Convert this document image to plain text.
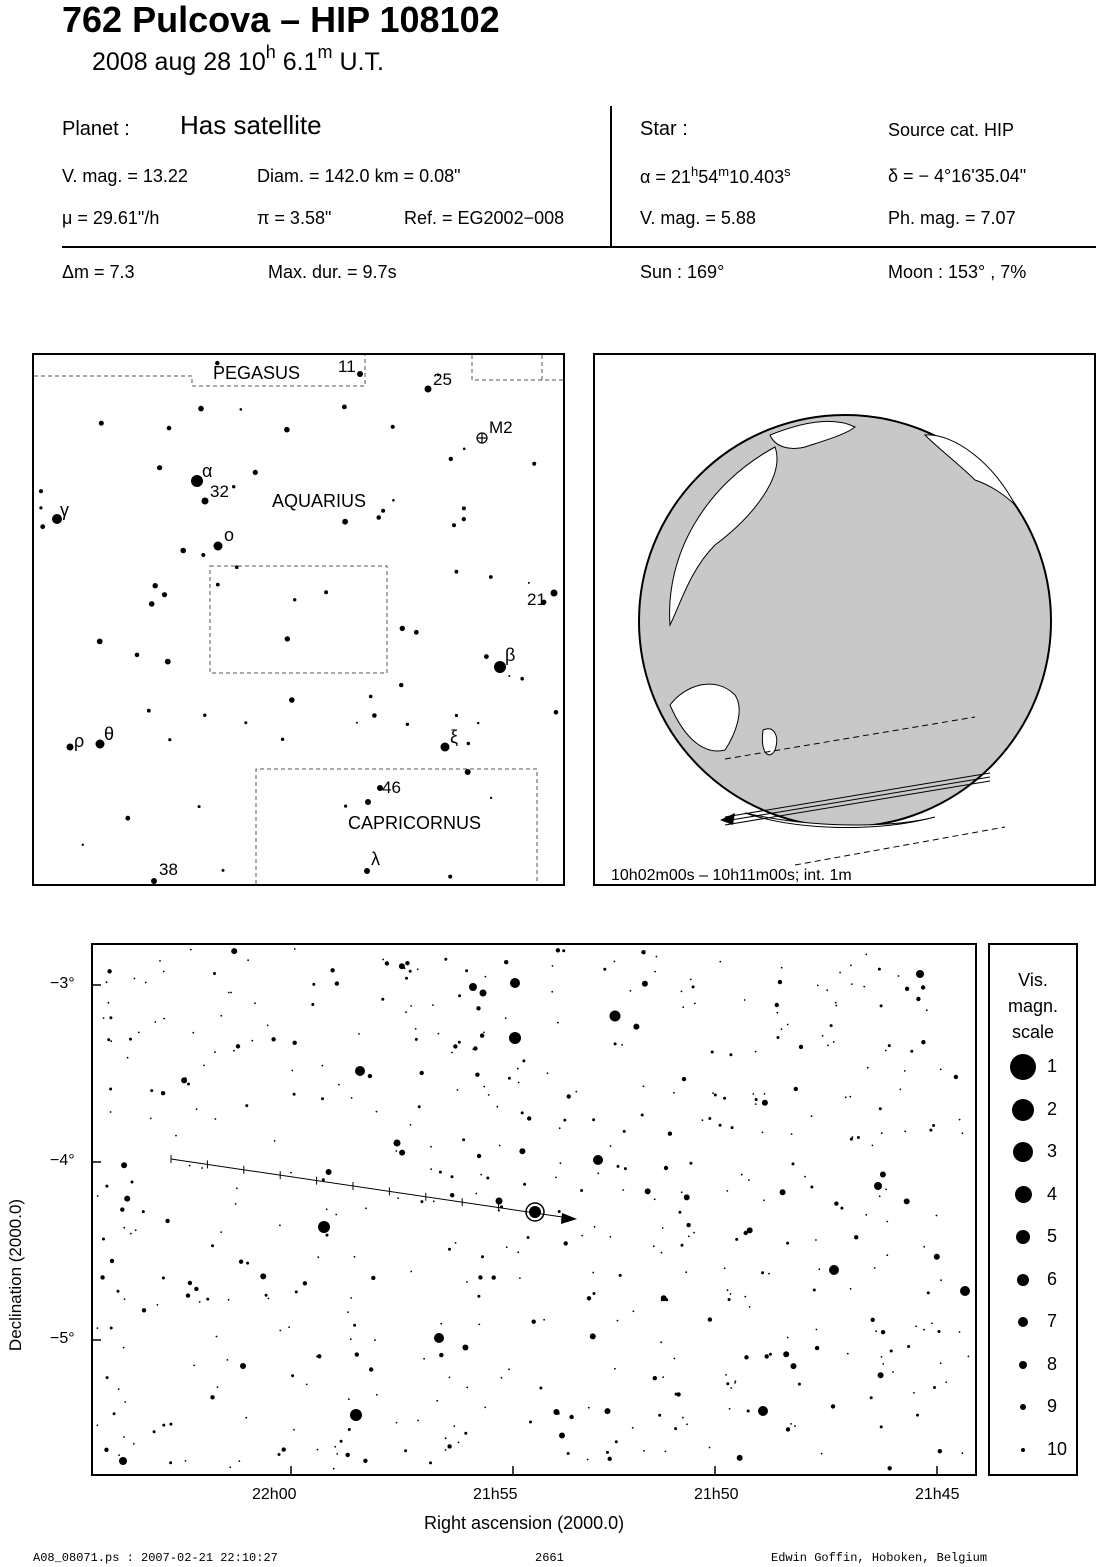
762 Pulcova – HIP 108102
2008 aug 28 10$^h$ 6.1$^m$ U.T.
Planet : Has satellite
V. mag. = 13.22	Diam. = 142.0 km = 0.08"
μ = 29.61"/h	π = 3.58"	Ref. = EG2002−008
Star :	Source cat. HIP
$\alpha = 21^h54^m10.403^s$	δ = − 4°16'35.04"
V. mag. = 5.88	Ph. mag. = 7.07
Δm = 7.3	Max. dur. = 9.7s	Sun : 169°	Moon : 153° , 7%
PEGASUS
AQUARIUS
CAPRICORNUS
11
25
M2
α
32
γ
o
21
β
ρ θ	ξ
46
λ
38	10h02m00s – 10h11m00s; int. 1m
Declination (2000.0)
−3°
−4°
−5°
22h00	21h55	21h50	21h45
Right ascension (2000.0)
Vis.
magn.
scale
1
2
3
4
5
6
7
8
9
10
A08_08071.ps : 2007-02-21 22:10:27	2661	Edwin Goffin, Hoboken, Belgium
